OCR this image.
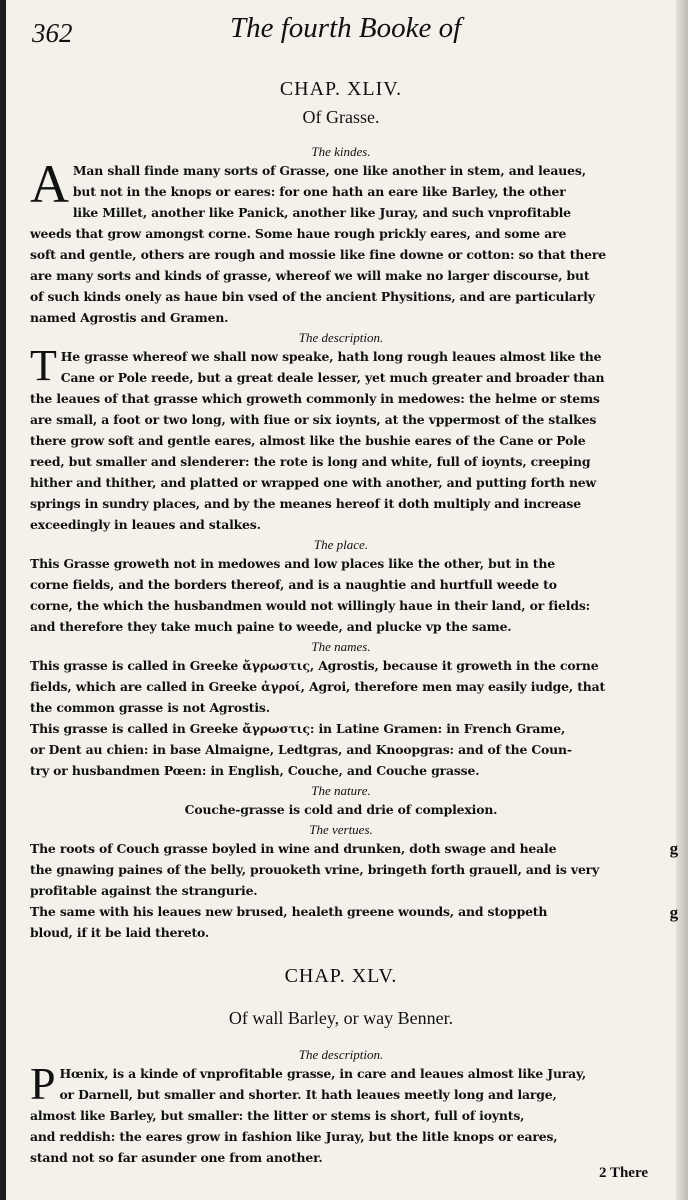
362	The fourth Booke of
CHAP. XLIV.
Of Grasse.
The kindes.
A Man shall finde many sorts of Grasse, one like another in stem, and leaues,
but not in the knops or eares: for one hath an eare like Barley, the other
like Millet, another like Panick, another like Juray, and such vnprofitable
weeds that grow amongst corne. Some haue rough prickly eares, and some are
soft and gentle, others are rough and mossie like fine downe or cotton: so that there
are many sorts and kinds of grasse, whereof we will make no larger discourse, but
of such kinds onely as haue bin vsed of the ancient Physitions, and are particularly
named Agrostis and Gramen.
The description.
T He grasse whereof we shall now speake, hath long rough leaues almost like the
Cane or Pole reede, but a great deale lesser, yet much greater and broader than
the leaues of that grasse which groweth commonly in medowes: the helme or stems
are small, a foot or two long, with fiue or six ioynts, at the vppermost of the stalkes
there grow soft and gentle eares, almost like the bushie eares of the Cane or Pole
reed, but smaller and slenderer: the rote is long and white, full of ioynts, creeping
hither and thither, and platted or wrapped one with another, and putting forth new
springs in sundry places, and by the meanes hereof it doth multiply and increase
exceedingly in leaues and stalkes.
The place.
This Grasse groweth not in medowes and low places like the other, but in the
corne fields, and the borders thereof, and is a naughtie and hurtfull weede to
corne, the which the husbandmen would not willingly haue in their land, or fields:
and therefore they take much paine to weede, and plucke vp the same.
The names.
This grasse is called in Greeke ἄγρωστις, Agrostis, because it groweth in the corne
fields, which are called in Greeke ἀγροί, Agroi, therefore men may easily iudge, that
the common grasse is not Agrostis.
This grasse is called in Greeke ἄγρωστις: in Latine Gramen: in French Grame,
or Dent au chien: in base Almaigne, Ledtgras, and Knoopgras: and of the Coun-
try or husbandmen Pœen: in English, Couche, and Couche grasse.
The nature.
Couche-grasse is cold and drie of complexion.
The vertues.
g
g
The roots of Couch grasse boyled in wine and drunken, doth swage and heale
the gnawing paines of the belly, prouoketh vrine, bringeth forth grauell, and is very
profitable against the strangurie.
The same with his leaues new brused, healeth greene wounds, and stoppeth
bloud, if it be laid thereto.
CHAP. XLV.
Of wall Barley, or way Benner.
The description.
P Hœnix, is a kinde of vnprofitable grasse, in care and leaues almost like Juray,
or Darnell, but smaller and shorter. It hath leaues meetly long and large,
almost like Barley, but smaller: the litter or stems is short, full of ioynts,
and reddish: the eares grow in fashion like Juray, but the litle knops or eares,
stand not so far asunder one from another.
2 There
